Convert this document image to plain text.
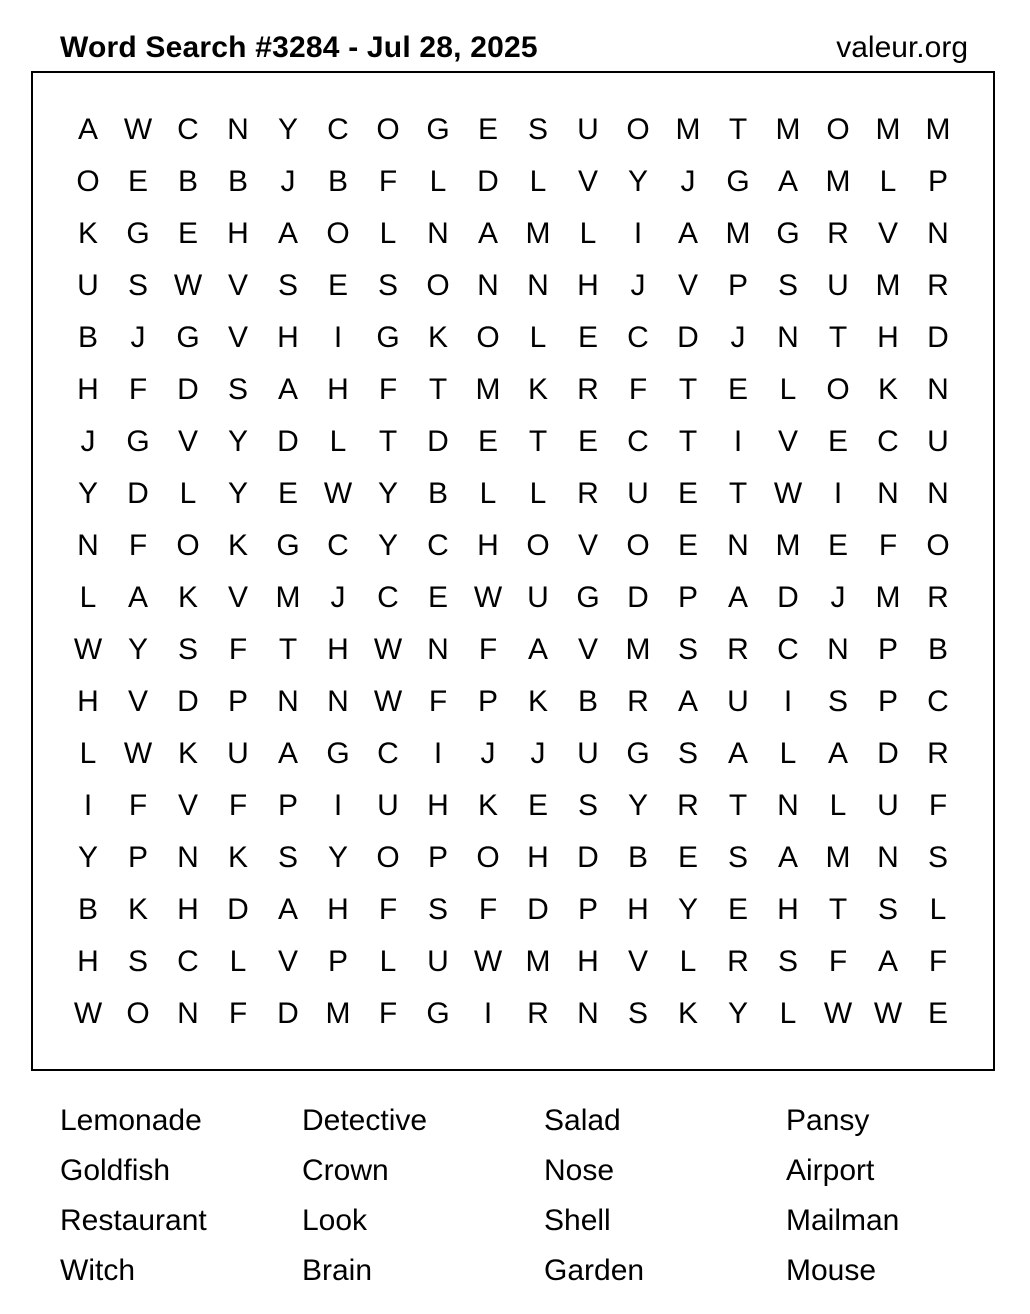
Word Search #3284 - Jul 28, 2025	valeur.org
A W C N Y C O G E S U O M T M O M M
O E B B	J	B	F	L	D	L	V Y	J	G A M L	P
K G E H A O L	N A M L	I	A M G R V N
U S W V S E S O N N H	J	V P S U M R
B	J	G V H	I	G K O L	E C D	J	N	T	H D
H	F	D S A H	F	T M K R	F	T	E	L O K N
J	G V Y D	L	T	D E	T	E C	T	I	V E C U
Y D	L	Y E W Y B	L	L	R U E	T W	I	N N
N	F O K G C Y C H O V O E N M E	F O
L	A K V M	J	C E W U G D P A D	J	M R
W Y S	F	T	H W N	F	A V M S R C N P B
H V D P N N W F	P K B R A U	I	S P C
L W K U A G C	I	J	J	U G S A	L	A D R
I	F	V	F	P	I	U H K E S Y R	T	N	L	U	F
Y P N K S Y O P O H D B E S A M N S
B K H D A H	F	S	F	D P H Y E H	T	S	L
H S C	L	V P	L	U W M H V	L	R S	F	A	F
W O N	F	D M F G	I	R N S K Y	L W W E
Lemonade	Detective	Salad	Pansy
Goldfish	Crown	Nose	Airport
Restaurant	Look	Shell	Mailman
Witch	Brain	Garden	Mouse
